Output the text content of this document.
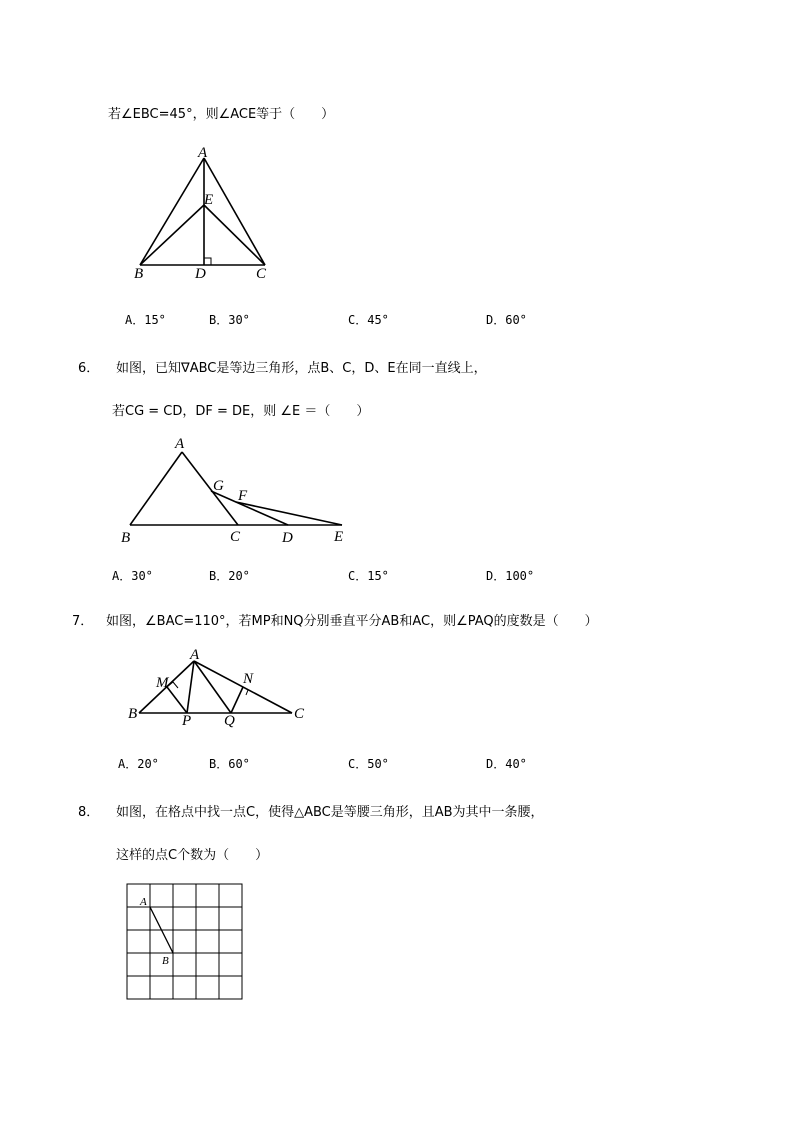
若∠EBC=45°，则∠ACE等于（　　）
A
E
B	D	C
A．15°	B．30°	C．45°	D．60°
6． 如图，已知∇ABC是等边三角形，点B、C，D、E在同一直线上，
若CG = CD，DF = DE，则 ∠E ＝（　　）
A
G
F
B	C	D	E
A．30°	B．20°	C．15°	D．100°
7． 如图，∠BAC=110°，若MP和NQ分别垂直平分AB和AC，则∠PAQ的度数是（　　）
A
M	N
B	P Q	C
A．20°	B．60°	C．50°	D．40°
8． 如图，在格点中找一点C，使得△ABC是等腰三角形，且AB为其中一条腰，
这样的点C个数为（　　）
A
B
